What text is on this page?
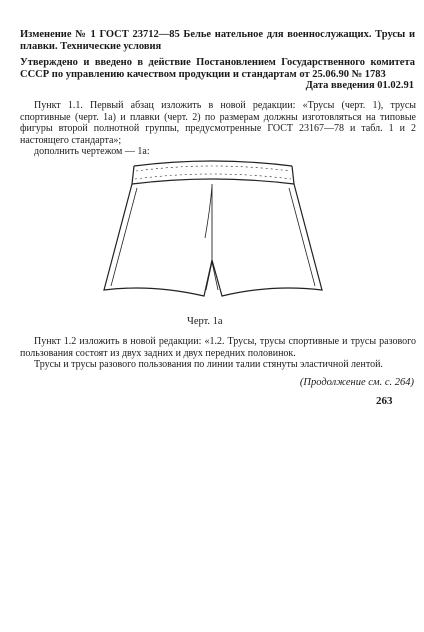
Изменение № 1 ГОСТ 23712—85 Белье нательное для военнослужащих. Трусы и плавки. Технические условия
Утверждено и введено в действие Постановлением Государственного комитета СССР по управлению качеством продукции и стандартам от 25.06.90 № 1783
Дата введения 01.02.91

Пункт 1.1. Первый абзац изложить в новой редакции: «Трусы (черт. 1), трусы спортивные (черт. 1а) и плавки (черт. 2) по размерам должны изготовляться на типовые фигуры второй полнотной группы, предусмотренные ГОСТ 23167—78 и табл. 1 и 2 настоящего стандарта»;

дополнить чертежом — 1а:

Черт. 1а

Пункт 1.2 изложить в новой редакции: «1.2. Трусы, трусы спортивные и трусы разового пользования состоят из двух задних и двух передних половинок.

Трусы и трусы разового пользования по линии талии стянуты эластичной лентой.

(Продолжение см. с. 264)
263
